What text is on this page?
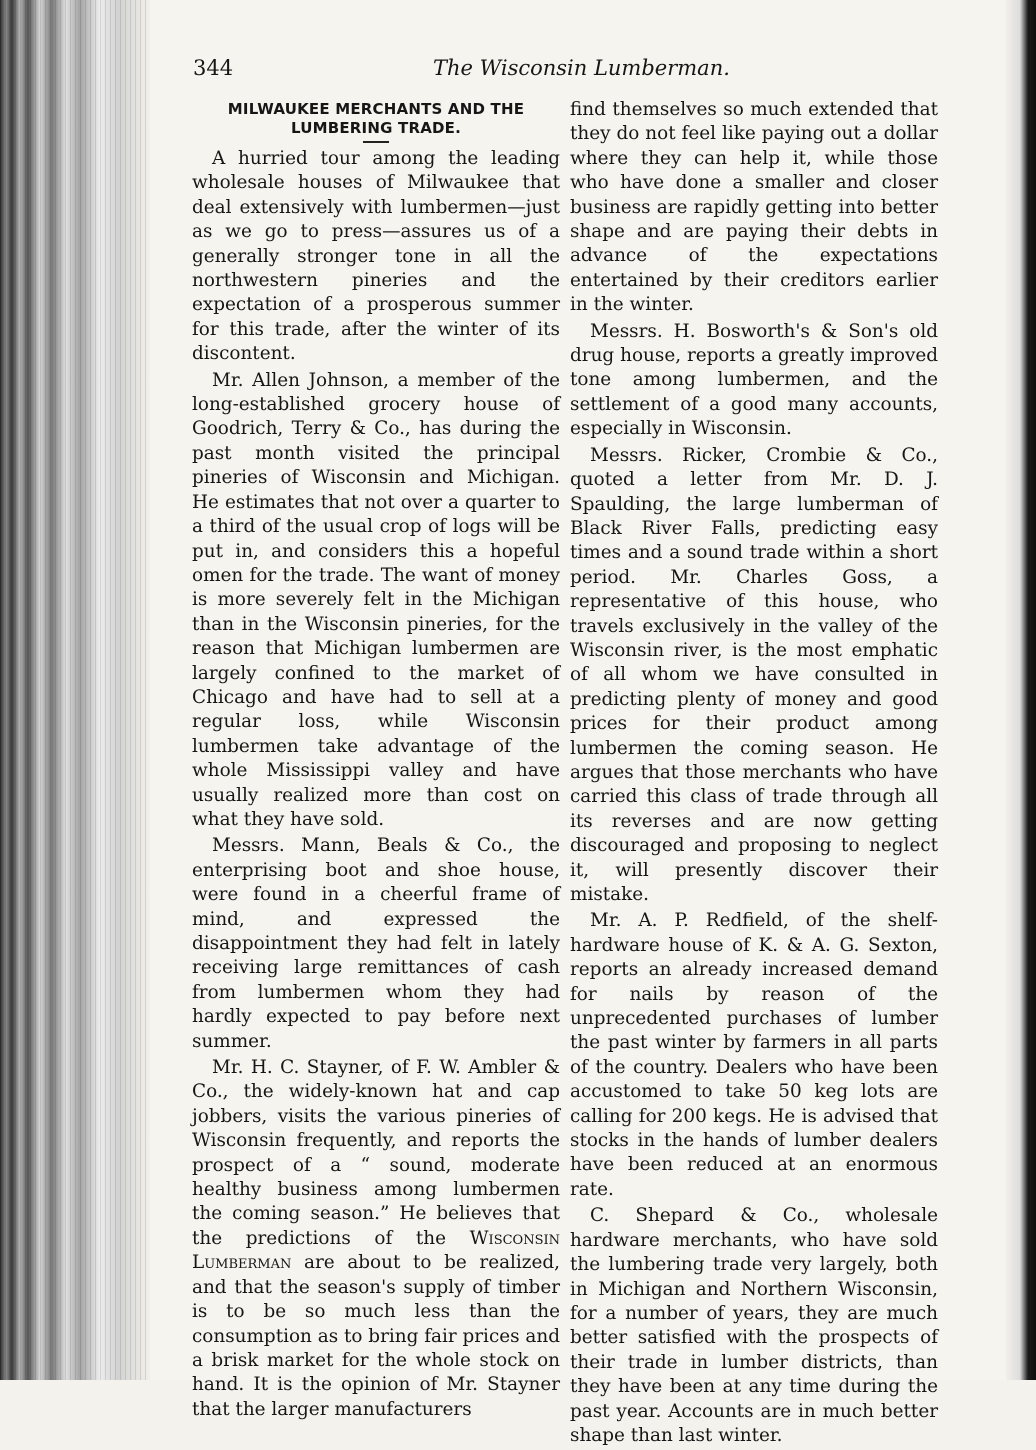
344	The Wisconsin Lumberman.
MILWAUKEE MERCHANTS AND THE LUMBERING TRADE.

A hurried tour among the leading wholesale houses of Milwaukee that deal extensively with lumbermen—just as we go to press—assures us of a generally stronger tone in all the northwestern pineries and the expectation of a prosperous summer for this trade, after the winter of its discontent.

Mr. Allen Johnson, a member of the long-established grocery house of Goodrich, Terry & Co., has during the past month visited the principal pineries of Wisconsin and Michigan. He estimates that not over a quarter to a third of the usual crop of logs will be put in, and considers this a hopeful omen for the trade. The want of money is more severely felt in the Michigan than in the Wisconsin pineries, for the reason that Michigan lumbermen are largely confined to the market of Chicago and have had to sell at a regular loss, while Wisconsin lumbermen take advantage of the whole Mississippi valley and have usually realized more than cost on what they have sold.

Messrs. Mann, Beals & Co., the enterprising boot and shoe house, were found in a cheerful frame of mind, and expressed the disappointment they had felt in lately receiving large remittances of cash from lumbermen whom they had hardly expected to pay before next summer.

Mr. H. C. Stayner, of F. W. Ambler & Co., the widely-known hat and cap jobbers, visits the various pineries of Wisconsin frequently, and reports the prospect of a “ sound, moderate healthy business among lumbermen the coming season.” He believes that the predictions of the Wisconsin Lumberman are about to be realized, and that the season's supply of timber is to be so much less than the consumption as to bring fair prices and a brisk market for the whole stock on hand. It is the opinion of Mr. Stayner that the larger manufacturers

find themselves so much extended that they do not feel like paying out a dollar where they can help it, while those who have done a smaller and closer business are rapidly getting into better shape and are paying their debts in advance of the expectations entertained by their creditors earlier in the winter.

Messrs. H. Bosworth's & Son's old drug house, reports a greatly improved tone among lumbermen, and the settlement of a good many accounts, especially in Wisconsin.

Messrs. Ricker, Crombie & Co., quoted a letter from Mr. D. J. Spaulding, the large lumberman of Black River Falls, predicting easy times and a sound trade within a short period. Mr. Charles Goss, a representative of this house, who travels exclusively in the valley of the Wisconsin river, is the most emphatic of all whom we have consulted in predicting plenty of money and good prices for their product among lumbermen the coming season. He argues that those merchants who have carried this class of trade through all its reverses and are now getting discouraged and proposing to neglect it, will presently discover their mistake.

Mr. A. P. Redfield, of the shelf-hardware house of K. & A. G. Sexton, reports an already increased demand for nails by reason of the unprecedented purchases of lumber the past winter by farmers in all parts of the country. Dealers who have been accustomed to take 50 keg lots are calling for 200 kegs. He is advised that stocks in the hands of lumber dealers have been reduced at an enormous rate.

C. Shepard & Co., wholesale hardware merchants, who have sold the lumbering trade very largely, both in Michigan and Northern Wisconsin, for a number of years, they are much better satisfied with the prospects of their trade in lumber districts, than they have been at any time during the past year. Accounts are in much better shape than last winter.
